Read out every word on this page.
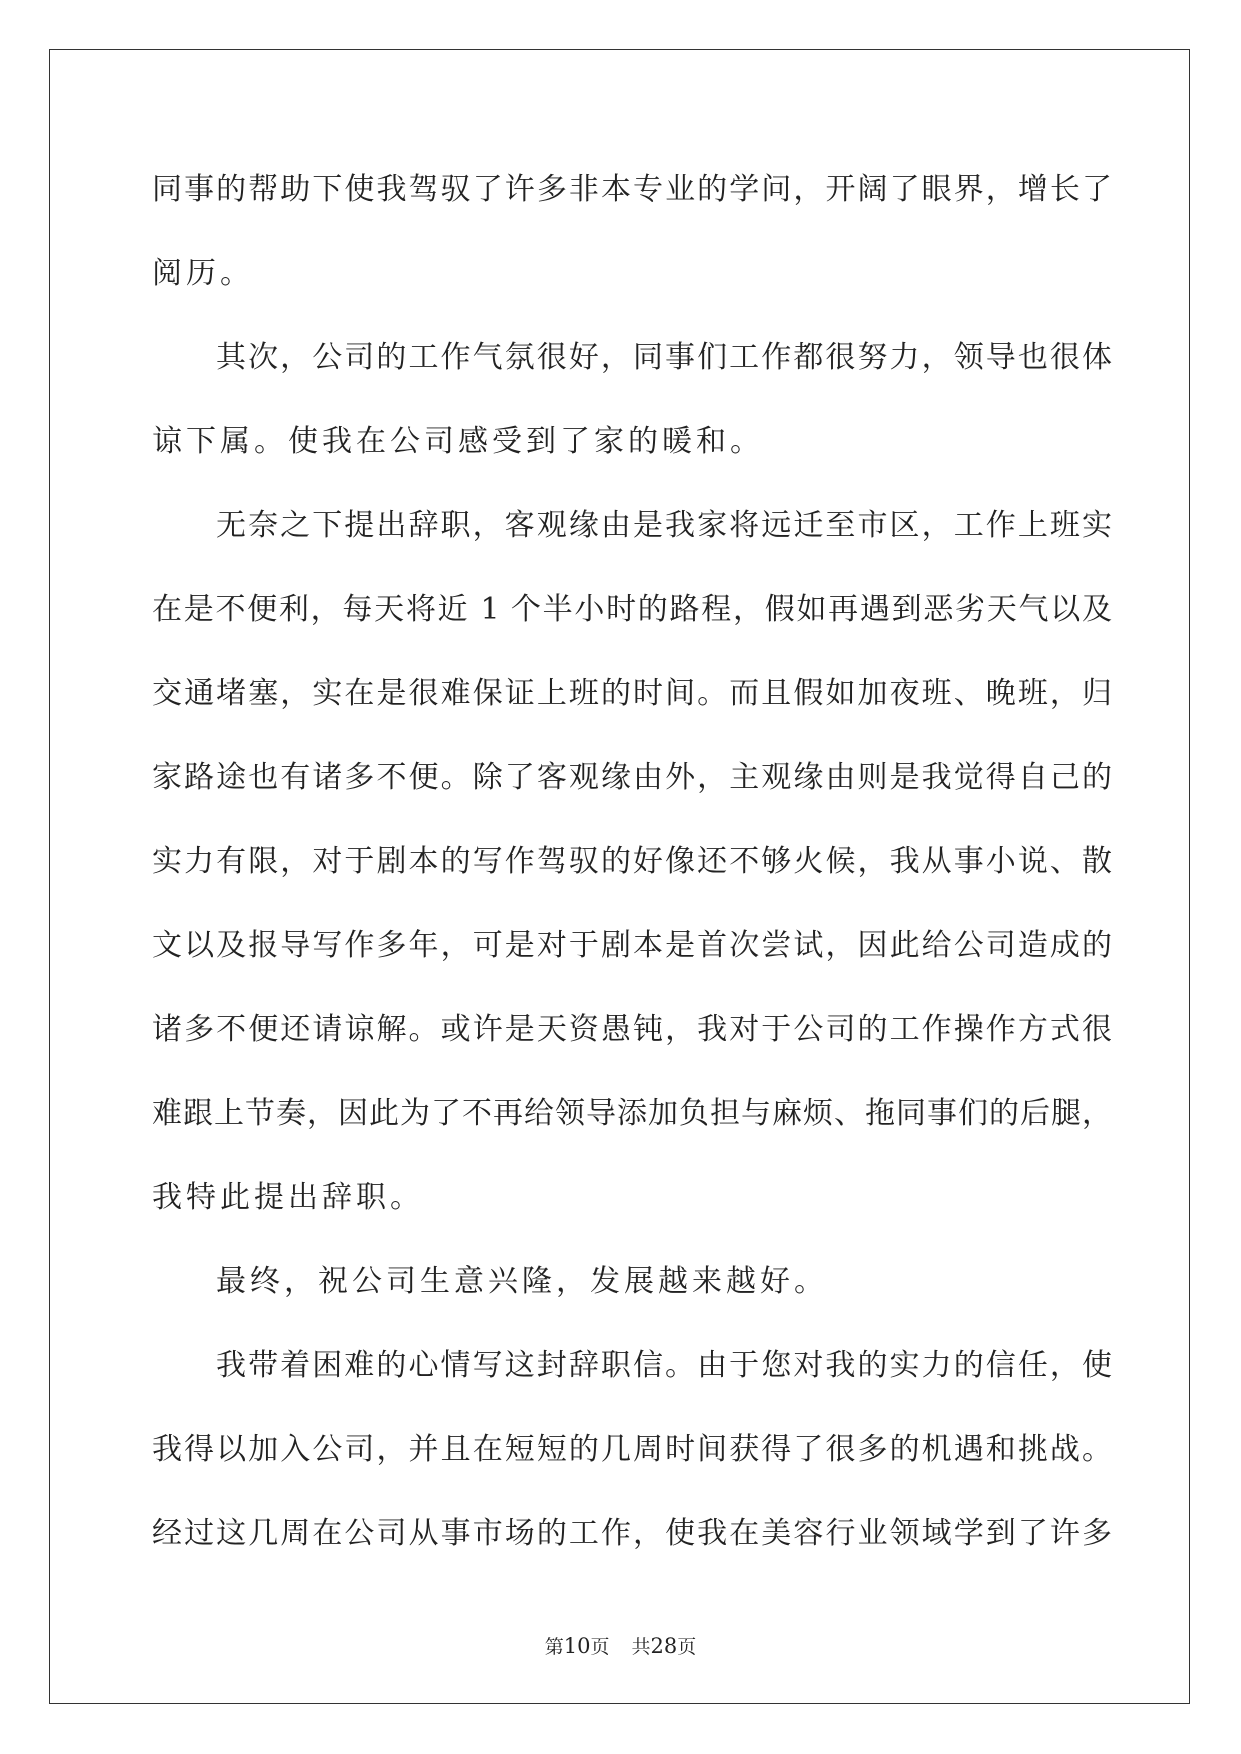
同事的帮助下使我驾驭了许多非本专业的学问，开阔了眼界，增长了
阅历。
其次，公司的工作气氛很好，同事们工作都很努力，领导也很体
谅下属。使我在公司感受到了家的暖和。
无奈之下提出辞职，客观缘由是我家将远迁至市区，工作上班实
在是不便利，每天将近 1 个半小时的路程，假如再遇到恶劣天气以及
交通堵塞，实在是很难保证上班的时间。而且假如加夜班、晚班，归
家路途也有诸多不便。除了客观缘由外，主观缘由则是我觉得自己的
实力有限，对于剧本的写作驾驭的好像还不够火候，我从事小说、散
文以及报导写作多年，可是对于剧本是首次尝试，因此给公司造成的
诸多不便还请谅解。或许是天资愚钝，我对于公司的工作操作方式很
难跟上节奏，因此为了不再给领导添加负担与麻烦、拖同事们的后腿，
我特此提出辞职。
最终，祝公司生意兴隆，发展越来越好。
我带着困难的心情写这封辞职信。由于您对我的实力的信任，使
我得以加入公司，并且在短短的几周时间获得了很多的机遇和挑战。
经过这几周在公司从事市场的工作，使我在美容行业领域学到了许多
第10页 共28页
